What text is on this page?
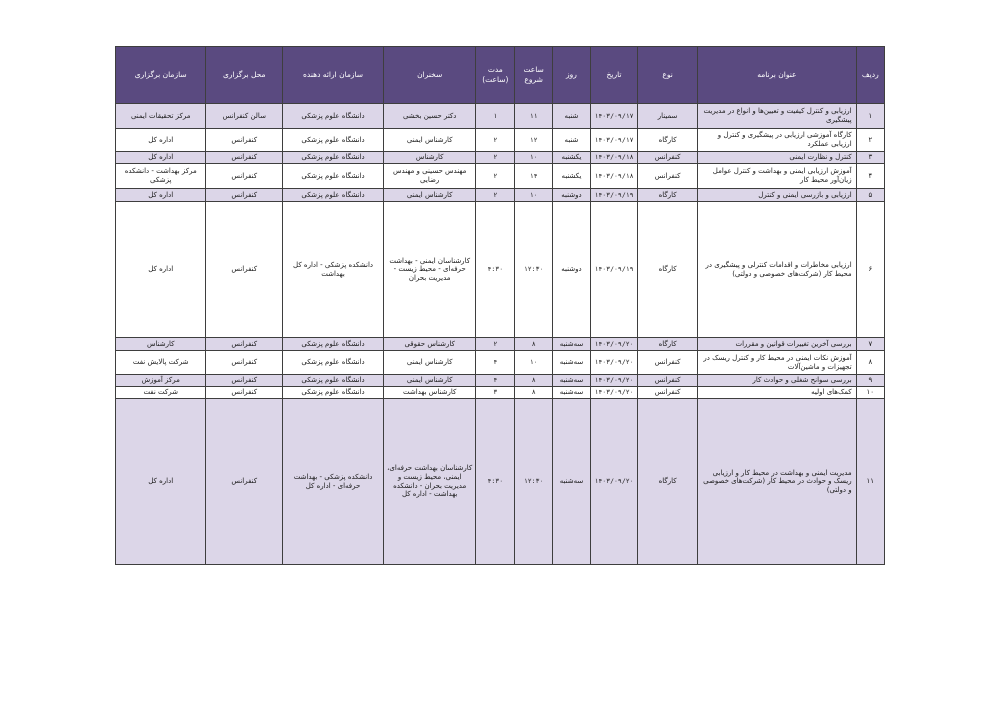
ردیف	عنوان برنامه	نوع	تاریخ	روز	ساعت شروع	مدت (ساعت)	سخنران	سازمان ارائه دهنده	محل برگزاری	سازمان برگزاری
۱	ارزیابی و کنترل کیفیت و تعیین‌ها و انواع در مدیریت پیشگیری	سمینار	۱۴۰۳/۰۹/۱۷	شنبه	۱۱	۱	دکتر حسین بخشی	دانشگاه علوم پزشکی	سالن کنفرانس	مرکز تحقیقات ایمنی
۲	کارگاه آموزشی ارزیابی در پیشگیری و کنترل و ارزیابی عملکرد	کارگاه	۱۴۰۳/۰۹/۱۷	شنبه	۱۲	۲	کارشناس ایمنی	دانشگاه علوم پزشکی	کنفرانس	اداره کل
۳	کنترل و نظارت ایمنی	کنفرانس	۱۴۰۳/۰۹/۱۸	یکشنبه	۱۰	۲	کارشناس	دانشگاه علوم پزشکی	کنفرانس	اداره کل
۴	آموزش ارزیابی ایمنی و بهداشت و کنترل عوامل زیان‌آور محیط کار	کنفرانس	۱۴۰۳/۰۹/۱۸	یکشنبه	۱۴	۲	مهندس حسینی و مهندس رضایی	دانشگاه علوم پزشکی	کنفرانس	مرکز بهداشت - دانشکده پزشکی
۵	ارزیابی و بازرسی ایمنی و کنترل	کارگاه	۱۴۰۳/۰۹/۱۹	دوشنبه	۱۰	۲	کارشناس ایمنی	دانشگاه علوم پزشکی	کنفرانس	اداره کل
۶	ارزیابی مخاطرات و اقدامات کنترلی و پیشگیری در محیط کار (شرکت‌های خصوصی و دولتی)	کارگاه	۱۴۰۳/۰۹/۱۹	دوشنبه	۱۲:۳۰	۴:۳۰	کارشناسان ایمنی - بهداشت حرفه‌ای - محیط زیست - مدیریت بحران	دانشکده پزشکی - اداره کل بهداشت	کنفرانس	اداره کل
۷	بررسی آخرین تغییرات قوانین و مقررات	کارگاه	۱۴۰۳/۰۹/۲۰	سه‌شنبه	۸	۲	کارشناس حقوقی	دانشگاه علوم پزشکی	کنفرانس	کارشناس
۸	آموزش نکات ایمنی در محیط کار و کنترل ریسک در تجهیزات و ماشین‌آلات	کنفرانس	۱۴۰۳/۰۹/۲۰	سه‌شنبه	۱۰	۴	کارشناس ایمنی	دانشگاه علوم پزشکی	کنفرانس	شرکت پالایش نفت
۹	بررسی سوانح شغلی و حوادث کار	کنفرانس	۱۴۰۳/۰۹/۲۰	سه‌شنبه	۸	۴	کارشناس ایمنی	دانشگاه علوم پزشکی	کنفرانس	مرکز آموزش
۱۰	کمک‌های اولیه	کنفرانس	۱۴۰۳/۰۹/۲۰	سه‌شنبه	۸	۳	کارشناس بهداشت	دانشگاه علوم پزشکی	کنفرانس	شرکت نفت
۱۱	مدیریت ایمنی و بهداشت در محیط کار و ارزیابی ریسک و حوادث در محیط کار (شرکت‌های خصوصی و دولتی)	کارگاه	۱۴۰۳/۰۹/۲۰	سه‌شنبه	۱۲:۳۰	۴:۳۰	کارشناسان بهداشت حرفه‌ای، ایمنی، محیط زیست و مدیریت بحران - دانشکده بهداشت - اداره کل	دانشکده پزشکی - بهداشت حرفه‌ای - اداره کل	کنفرانس	اداره کل
